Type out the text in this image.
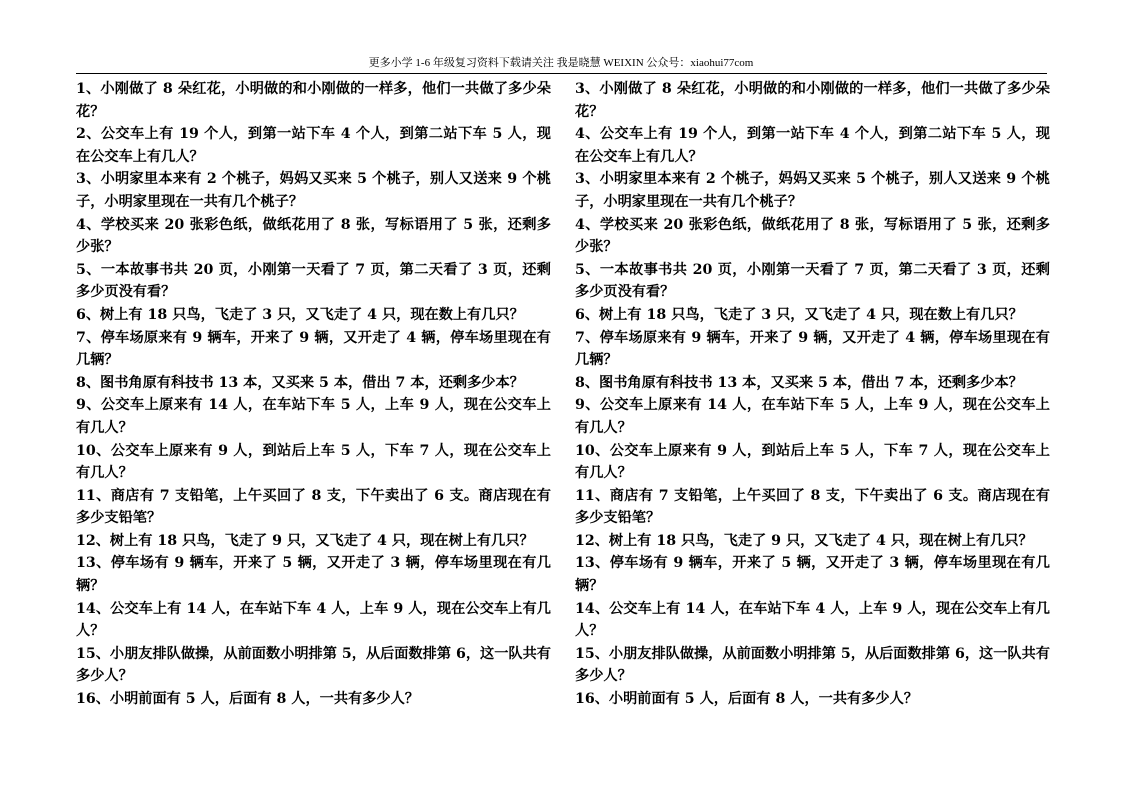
更多小学 1-6 年级复习资料下载请关注 我是晓慧 WEIXIN 公众号：xiaohui77com

1、小刚做了 8 朵红花，小明做的和小刚做的一样多，他们一共做了多少朵花？

2、公交车上有 19 个人，到第一站下车 4 个人，到第二站下车 5 人，现在公交车上有几人？

3、小明家里本来有 2 个桃子，妈妈又买来 5 个桃子，别人又送来 9 个桃子，小明家里现在一共有几个桃子？

4、学校买来 20 张彩色纸，做纸花用了 8 张，写标语用了 5 张，还剩多少张？

5、一本故事书共 20 页，小刚第一天看了 7 页，第二天看了 3 页，还剩多少页没有看？

6、树上有 18 只鸟，飞走了 3 只，又飞走了 4 只，现在数上有几只？

7、停车场原来有 9 辆车，开来了 9 辆，又开走了 4 辆，停车场里现在有几辆？

8、图书角原有科技书 13 本，又买来 5 本，借出 7 本，还剩多少本？

9、公交车上原来有 14 人，在车站下车 5 人，上车 9 人，现在公交车上有几人？

10、公交车上原来有 9 人，到站后上车 5 人，下车 7 人，现在公交车上有几人？

11、商店有 7 支铅笔，上午买回了 8 支，下午卖出了 6 支。商店现在有多少支铅笔？

12、树上有 18 只鸟，飞走了 9 只，又飞走了 4 只，现在树上有几只？

13、停车场有 9 辆车，开来了 5 辆，又开走了 3 辆，停车场里现在有几辆？

14、公交车上有 14 人，在车站下车 4 人，上车 9 人，现在公交车上有几人？

15、小朋友排队做操，从前面数小明排第 5，从后面数排第 6，这一队共有多少人？

16、小明前面有 5 人，后面有 8 人，一共有多少人？

3、小刚做了 8 朵红花，小明做的和小刚做的一样多，他们一共做了多少朵花？

4、公交车上有 19 个人，到第一站下车 4 个人，到第二站下车 5 人，现在公交车上有几人？

3、小明家里本来有 2 个桃子，妈妈又买来 5 个桃子，别人又送来 9 个桃子，小明家里现在一共有几个桃子？

4、学校买来 20 张彩色纸，做纸花用了 8 张，写标语用了 5 张，还剩多少张？

5、一本故事书共 20 页，小刚第一天看了 7 页，第二天看了 3 页，还剩多少页没有看？

6、树上有 18 只鸟，飞走了 3 只，又飞走了 4 只，现在数上有几只？

7、停车场原来有 9 辆车，开来了 9 辆，又开走了 4 辆，停车场里现在有几辆？

8、图书角原有科技书 13 本，又买来 5 本，借出 7 本，还剩多少本？

9、公交车上原来有 14 人，在车站下车 5 人，上车 9 人，现在公交车上有几人？

10、公交车上原来有 9 人，到站后上车 5 人，下车 7 人，现在公交车上有几人？

11、商店有 7 支铅笔，上午买回了 8 支，下午卖出了 6 支。商店现在有多少支铅笔？

12、树上有 18 只鸟，飞走了 9 只，又飞走了 4 只，现在树上有几只？

13、停车场有 9 辆车，开来了 5 辆，又开走了 3 辆，停车场里现在有几辆？

14、公交车上有 14 人，在车站下车 4 人，上车 9 人，现在公交车上有几人？

15、小朋友排队做操，从前面数小明排第 5，从后面数排第 6，这一队共有多少人？

16、小明前面有 5 人，后面有 8 人，一共有多少人？
